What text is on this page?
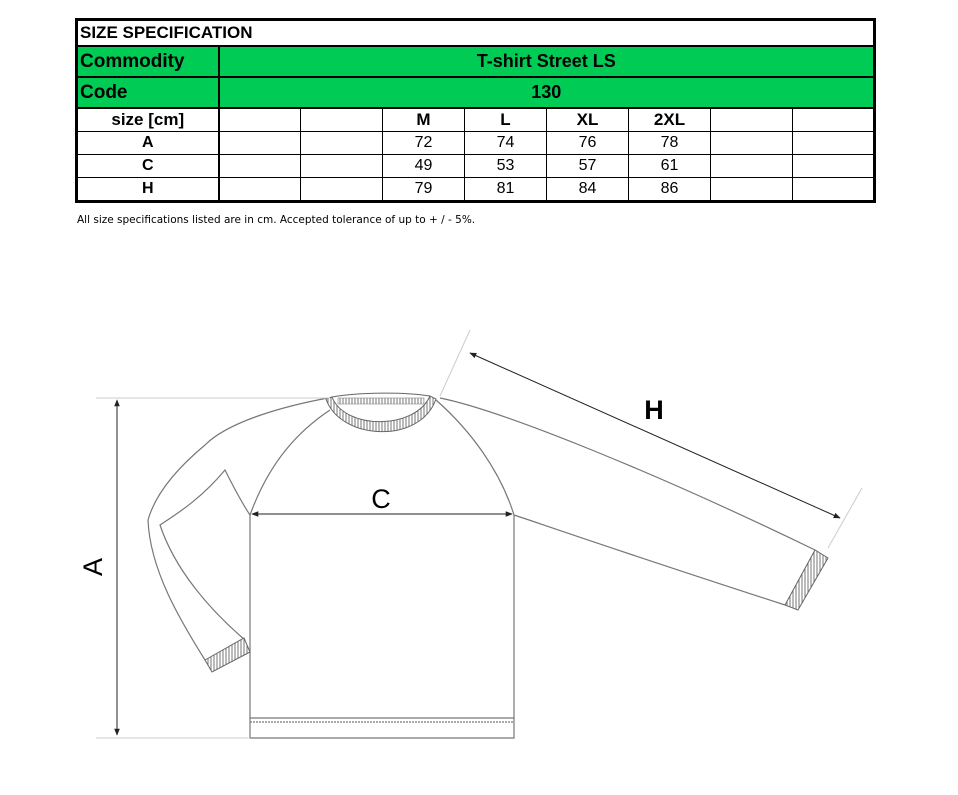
SIZE SPECIFICATION								
Commodity	T-shirt Street LS							
Code	130							
size [cm]			M	L	XL	2XL		
A			72	74	76	78		
C			49	53	57	61		
H			79	81	84	86		
All size specifications listed are in cm. Accepted tolerance of up to + / - 5%.
A
C
H
